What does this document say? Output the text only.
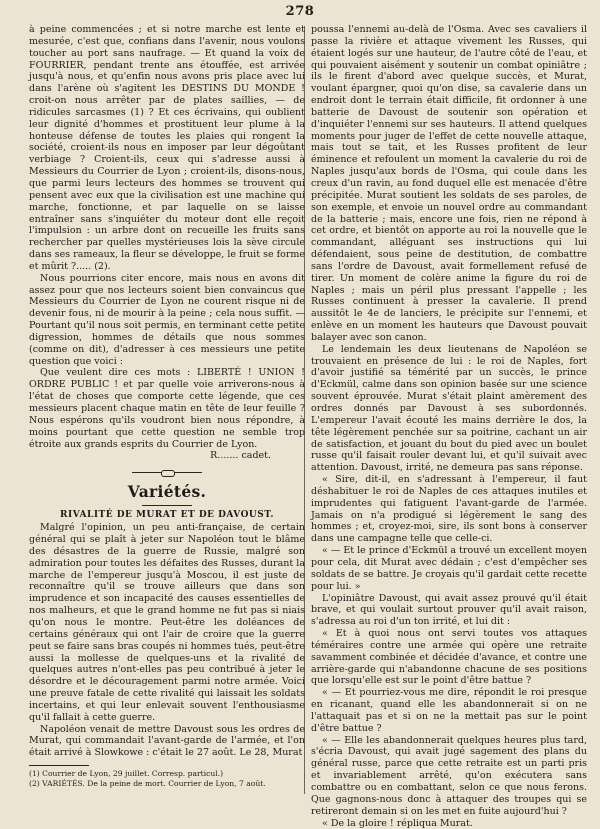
278

à peine commencées ; et si notre marche est lente et mesurée, c'est que, confians dans l'avenir, nous voulons toucher au port sans naufrage. — Et quand la voix de FOURRIER, pendant trente ans étouffée, est arrivée jusqu'à nous, et qu'enfin nous avons pris place avec lui dans l'arène où s'agitent les DESTINS DU MONDE ! croit-on nous arrêter par de plates saillies, — de ridicules sarcasmes (1) ? Et ces écrivains, qui oublient leur dignité d'hommes et prostituent leur plume à la honteuse défense de toutes les plaies qui rongent la société, croient-ils nous en imposer par leur dégoûtant verbiage ? Croient-ils, ceux qui s'adresse aussi à Messieurs du Courrier de Lyon ; croient-ils, disons-nous, que parmi leurs lecteurs des hommes se trouvent qui pensent avec eux que la civilisation est une machine qui marche, fonctionne, et par laquelle on se laisse entraîner sans s'inquiéter du moteur dont elle reçoit l'impulsion : un arbre dont on recueille les fruits sans rechercher par quelles mystérieuses lois la sève circule dans ses rameaux, la fleur se développe, le fruit se forme et mûrit ?..... (2).

Nous pourrions citer encore, mais nous en avons dit assez pour que nos lecteurs soient bien convaincus que Messieurs du Courrier de Lyon ne courent risque ni de devenir fous, ni de mourir à la peine ; cela nous suffit. — Pourtant qu'il nous soit permis, en terminant cette petite digression, hommes de détails que nous sommes (comme on dit), d'adresser à ces messieurs une petite question que voici :

Que veulent dire ces mots : LIBERTÉ ! UNION ! ORDRE PUBLIC ! et par quelle voie arriverons-nous à l'état de choses que comporte cette légende, que ces messieurs placent chaque matin en tête de leur feuille ? Nous espérons qu'ils voudront bien nous répondre, à moins pourtant que cette question ne semble trop étroite aux grands esprits du Courrier de Lyon.

R....... cadet.

Variétés.
RIVALITÉ DE MURAT ET DE DAVOUST.

Malgré l'opinion, un peu anti-française, de certain général qui se plaît à jeter sur Napoléon tout le blâme des désastres de la guerre de Russie, malgré son admiration pour toutes les défaites des Russes, durant la marche de l'empereur jusqu'à Moscou, il est juste de reconnaître qu'il se trouve ailleurs que dans son imprudence et son incapacité des causes essentielles de nos malheurs, et que le grand homme ne fut pas si niais qu'on nous le montre. Peut-être les doléances de certains généraux qui ont l'air de croire que la guerre peut se faire sans bras coupés ni hommes tués, peut-être aussi la mollesse de quelques-uns et la rivalité de quelques autres n'ont-elles pas peu contribué à jeter le désordre et le découragement parmi notre armée. Voici une preuve fatale de cette rivalité qui laissait les soldats incertains, et qui leur enlevait souvent l'enthousiasme qu'il fallait à cette guerre.

Napoléon venait de mettre Davoust sous les ordres de Murat, qui commandait l'avant-garde de l'armée, et l'on était arrivé à Slowkowe : c'était le 27 août. Le 28, Murat

(1) Courrier de Lyon, 29 juillet. Corresp. particul.)

(2) VARIÉTÉS. De la peine de mort. Courrier de Lyon, 7 août.

poussa l'ennemi au-delà de l'Osma. Avec ses cavaliers il passe la rivière et attaque vivement les Russes, qui étaient logés sur une hauteur, de l'autre côté de l'eau, et qui pouvaient aisément y soutenir un combat opiniâtre ; ils le firent d'abord avec quelque succès, et Murat, voulant épargner, quoi qu'on dise, sa cavalerie dans un endroit dont le terrain était difficile, fit ordonner à une batterie de Davoust de soutenir son opération et d'inquiéter l'ennemi sur ses hauteurs. Il attend quelques moments pour juger de l'effet de cette nouvelle attaque, mais tout se tait, et les Russes profitent de leur éminence et refoulent un moment la cavalerie du roi de Naples jusqu'aux bords de l'Osma, qui coule dans les creux d'un ravin, au fond duquel elle est menacée d'être précipitée. Murat soutient les soldats de ses paroles, de son exemple, et envoie un nouvel ordre au commandant de la batterie ; mais, encore une fois, rien ne répond à cet ordre, et bientôt on apporte au roi la nouvelle que le commandant, alléguant ses instructions qui lui défendaient, sous peine de destitution, de combattre sans l'ordre de Davoust, avait formellement refusé de tirer. Un moment de colère anime la figure du roi de Naples ; mais un péril plus pressant l'appelle ; les Russes continuent à presser la cavalerie. Il prend aussitôt le 4e de lanciers, le précipite sur l'ennemi, et enlève en un moment les hauteurs que Davoust pouvait balayer avec son canon.

Le lendemain les deux lieutenans de Napoléon se trouvaient en présence de lui : le roi de Naples, fort d'avoir justifié sa témérité par un succès, le prince d'Eckmül, calme dans son opinion basée sur une science souvent éprouvée. Murat s'était plaint amèrement des ordres donnés par Davoust à ses subordonnés. L'empereur l'avait écouté les mains derrière le dos, la tête légèrement penchée sur sa poitrine, cachant un air de satisfaction, et jouant du bout du pied avec un boulet russe qu'il faisait rouler devant lui, et qu'il suivait avec attention. Davoust, irrité, ne demeura pas sans réponse.

« Sire, dit-il, en s'adressant à l'empereur, il faut déshabituer le roi de Naples de ces attaques inutiles et imprudentes qui fatiguent l'avant-garde de l'armée. Jamais on n'a prodigué si légèrement le sang des hommes ; et, croyez-moi, sire, ils sont bons à conserver dans une campagne telle que celle-ci.

« — Et le prince d'Eckmül a trouvé un excellent moyen pour cela, dit Murat avec dédain ; c'est d'empêcher ses soldats de se battre. Je croyais qu'il gardait cette recette pour lui. »

L'opiniâtre Davoust, qui avait assez prouvé qu'il était brave, et qui voulait surtout prouver qu'il avait raison, s'adressa au roi d'un ton irrité, et lui dit :

« Et à quoi nous ont servi toutes vos attaques téméraires contre une armée qui opère une retraite savamment combinée et décidée d'avance, et contre une arrière-garde qui n'abandonne chacune de ses positions que lorsqu'elle est sur le point d'être battue ?

« — Et pourriez-vous me dire, répondit le roi presque en ricanant, quand elle les abandonnerait si on ne l'attaquait pas et si on ne la mettait pas sur le point d'être battue ?

« — Elle les abandonnerait quelques heures plus tard, s'écria Davoust, qui avait jugé sagement des plans du général russe, parce que cette retraite est un parti pris et invariablement arrêté, qu'on exécutera sans combattre ou en combattant, selon ce que nous ferons. Que gagnons-nous donc à attaquer des troupes qui se retireront demain si on les met en fuite aujourd'hui ?

« De la gloire ! répliqua Murat.
